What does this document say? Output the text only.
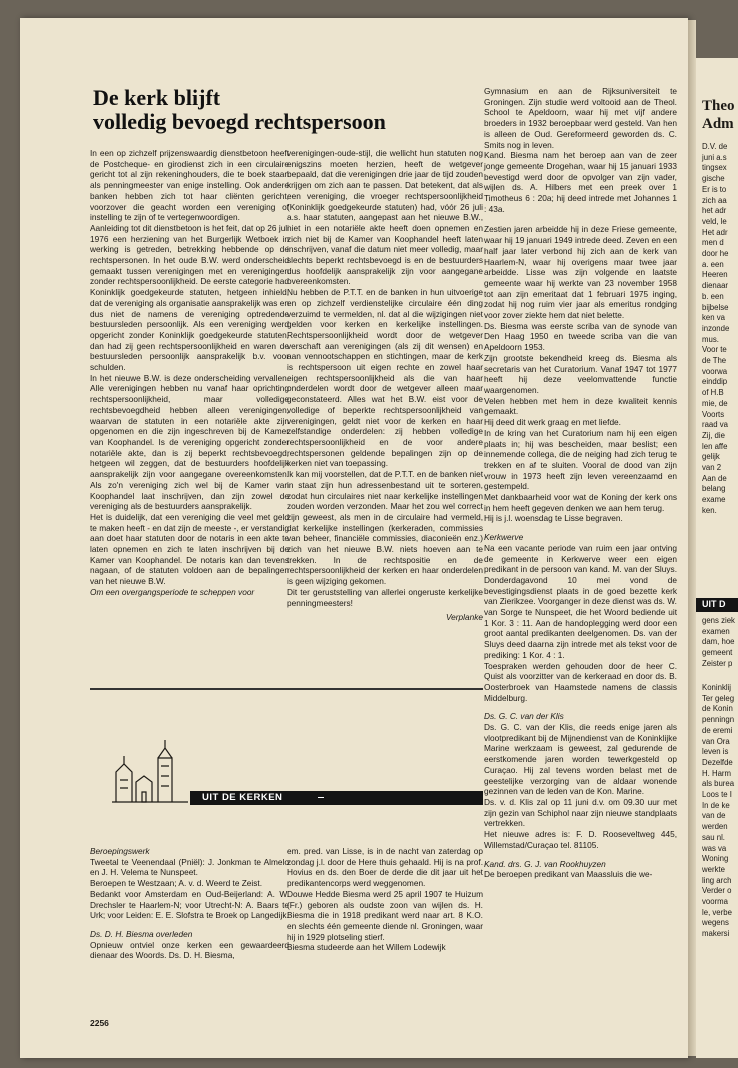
De kerk blijft
volledig bevoegd rechtspersoon

In een op zichzelf prijzenswaardig dienstbetoon heeft de Postcheque- en girodienst zich in een circulaire gericht tot al zijn rekeninghouders, die te boek staan als penningmeester van enige instelling. Ook andere banken hebben zich tot haar cliënten gericht, voorzover die geacht worden een vereniging of instelling te zijn of te vertegenwoordigen.

Aanleiding tot dit dienstbetoon is het feit, dat op 26 juli 1976 een herziening van het Burgerlijk Wetboek in werking is getreden, betrekking hebbende op de rechtspersonen. In het oude B.W. werd onderscheid gemaakt tussen verenigingen met en verenigingen zonder rechtspersoonlijkheid. De eerste categorie had Koninklijk goedgekeurde statuten, hetgeen inhield, dat de vereniging als organisatie aansprakelijk was en dus niet de namens de vereniging optredende bestuursleden persoonlijk. Als een vereniging werd opgericht zonder Koninklijk goedgekeurde statuten, dan had zij geen rechtspersoonlijkheid en waren de bestuursleden persoonlijk aansprakelijk b.v. voor schulden.

In het nieuwe B.W. is deze onderscheiding vervallen. Alle verenigingen hebben nu vanaf haar oprichting rechtspersoonlijkheid, maar volledige rechtsbevoegdheid hebben alleen verenigingen, waarvan de statuten in een notariële akte zijn opgenomen en die zijn ingeschreven bij de Kamer van Koophandel. Is de vereniging opgericht zonder notariële akte, dan is zij beperkt rechtsbevoegd, hetgeen wil zeggen, dat de bestuurders hoofdelijk aansprakelijk zijn voor aangegane overeenkomsten. Als zo'n vereniging zich wel bij de Kamer van Koophandel laat inschrijven, dan zijn zowel de vereniging als de bestuurders aansprakelijk.

Het is duidelijk, dat een vereniging die veel met geld te maken heeft - en dat zijn de meeste -, er verstandig aan doet haar statuten door de notaris in een akte te laten opnemen en zich te laten inschrijven bij de Kamer van Koophandel. De notaris kan dan tevens nagaan, of de statuten voldoen aan de bepalingen van het nieuwe B.W.

Om een overgangsperiode te scheppen voor

verenigingen-oude-stijl, die wellicht hun statuten nog enigszins moeten herzien, heeft de wetgever bepaald, dat die verenigingen drie jaar de tijd zouden krijgen om zich aan te passen. Dat betekent, dat als een vereniging, die vroeger rechtspersoonlijkheid (Koninklijk goedgekeurde statuten) had, vóór 26 juli a.s. haar statuten, aangepast aan het nieuwe B.W., niet in een notariële akte heeft doen opnemen en zich niet bij de Kamer van Koophandel heeft laten inschrijven, vanaf die datum niet meer volledig, maar slechts beperkt rechtsbevoegd is en de bestuurders dus hoofdelijk aansprakelijk zijn voor aangegane overeenkomsten.

Nu hebben de P.T.T. en de banken in hun uitvoerige en op zichzelf verdienstelijke circulaire één ding verzuimd te vermelden, nl. dat al die wijzigingen niet gelden voor kerken en kerkelijke instellingen. Rechtspersoonlijkheid wordt door de wetgever verschaft aan verenigingen (als zij dit wensen) en aan vennootschappen en stichtingen, maar de kerk is rechtspersoon uit eigen rechte en zowel haar eigen rechtspersoonlijkheid als die van haar onderdelen wordt door de wetgever alleen maar geconstateerd. Alles wat het B.W. eist voor de volledige of beperkte rechtspersoonlijkheid van verenigingen, geldt niet voor de kerken en haar zelfstandige onderdelen: zij hebben volledige rechtspersoonlijkheid en de voor andere rechtspersonen geldende bepalingen zijn op de kerken niet van toepassing.

Ik kan mij voorstellen, dat de P.T.T. en de banken niet in staat zijn hun adressenbestand uit te sorteren, zodat hun circulaires niet naar kerkelijke instellingen zouden worden verzonden. Maar het zou wel correct zijn geweest, als men in de circulaire had vermeld, dat kerkelijke instellingen (kerkeraden, commissies van beheer, financiële commissies, diaconieën enz.) zich van het nieuwe B.W. niets hoeven aan te trekken. In de rechtspositie en de rechtspersoonlijkheid der kerken en haar onderdelen is geen wijziging gekomen.

Dit ter geruststelling van allerlei ongeruste kerkelijke penningmeesters!

Verplanke

Gymnasium en aan de Rijksuniversiteit te Groningen. Zijn studie werd voltooid aan de Theol. School te Apeldoorn, waar hij met vijf andere broeders in 1932 beroepbaar werd gesteld. Van hen is alleen de Oud. Gereformeerd geworden ds. C. Smits nog in leven.

Kand. Biesma nam het beroep aan van de zeer jonge gemeente Drogehan, waar hij 15 januari 1933 bevestigd werd door de opvolger van zijn vader, wijlen ds. A. Hilbers met een preek over 1 Timotheus 6 : 20a; hij deed intrede met Johannes 1 : 43a.

Zestien jaren arbeidde hij in deze Friese gemeente, waar hij 19 januari 1949 intrede deed. Zeven en een half jaar later verbond hij zich aan de kerk van Haarlem-N, waar hij overigens maar twee jaar arbeidde. Lisse was zijn volgende en laatste gemeente waar hij werkte van 23 november 1958 tot aan zijn emeritaat dat 1 februari 1975 inging, zodat hij nog ruim vier jaar als emeritus rondging voor zover ziekte hem dat niet belette.

Ds. Biesma was eerste scriba van de synode van Den Haag 1950 en tweede scriba van die van Apeldoorn 1953.

Zijn grootste bekendheid kreeg ds. Biesma als secretaris van het Curatorium. Vanaf 1947 tot 1977 heeft hij deze veelomvattende functie waargenomen.

Velen hebben met hem in deze kwaliteit kennis gemaakt.

Hij deed dit werk graag en met liefde.

In de kring van het Curatorium nam hij een eigen plaats in; hij was bescheiden, maar beslist; een innemende collega, die de neiging had zich terug te trekken en af te sluiten. Vooral de dood van zijn vrouw in 1973 heeft zijn leven vereenzaamd en gestempeld.

Met dankbaarheid voor wat de Koning der kerk ons in hem heeft gegeven denken we aan hem terug.

Hij is j.l. woensdag te Lisse begraven.

Kerkwerve

Na een vacante periode van ruim een jaar ontving de gemeente in Kerkwerve weer een eigen predikant in de persoon van kand. M. van der Sluys. Donderdagavond 10 mei vond de bevestigingsdienst plaats in de goed bezette kerk van Zierikzee. Voorganger in deze dienst was ds. W. van Sorge te Nunspeet, die het Woord bediende uit 1 Kor. 3 : 11. Aan de handoplegging werd door een groot aantal predikanten deelgenomen. Ds. van der Sluys deed daarna zijn intrede met als tekst voor de prediking: 1 Kor. 4 : 1.

Toespraken werden gehouden door de heer C. Quist als voorzitter van de kerkeraad en door ds. B. Oosterbroek van Haamstede namens de classis Middelburg.

Ds. G. C. van der Klis

Ds. G. C. van der Klis, die reeds enige jaren als vlootpredikant bij de Mijnendienst van de Koninklijke Marine werkzaam is geweest, zal gedurende de eerstkomende jaren worden tewerkgesteld op Curaçao. Hij zal tevens worden belast met de geestelijke verzorging van de aldaar wonende gezinnen van de leden van de Kon. Marine.

Ds. v. d. Klis zal op 11 juni d.v. om 09.30 uur met zijn gezin van Schiphol naar zijn nieuwe standplaats vertrekken.

Het nieuwe adres is: F. D. Rooseveltweg 445, Willemstad/Curaçao tel. 81105.

Kand. drs. G. J. van Rookhuyzen

De beroepen predikant van Maassluis die we-

UIT DE KERKEN

Beroepingswerk

Tweetal te Veenendaal (Pniël): J. Jonkman te Almelo en J. H. Velema te Nunspeet.

Beroepen te Westzaan; A. v. d. Weerd te Zeist.

Bedankt voor Amsterdam en Oud-Beijerland: A. W. Drechsler te Haarlem-N; voor Utrecht-N: A. Baars te Urk; voor Leiden: E. E. Slofstra te Broek op Langedijk.

Ds. D. H. Biesma overleden

Opnieuw ontviel onze kerken een gewaardeerd dienaar des Woords. Ds. D. H. Biesma,

em. pred. van Lisse, is in de nacht van zaterdag op zondag j.l. door de Here thuis gehaald. Hij is na prof. Hovius en ds. den Boer de derde die dit jaar uit het predikantencorps werd weggenomen.

Douwe Hedde Biesma werd 25 april 1907 te Huizum (Fr.) geboren als oudste zoon van wijlen ds. H. Biesma die in 1918 predikant werd naar art. 8 K.O. en slechts één gemeente diende nl. Groningen, waar hij in 1929 plotseling stierf.

Biesma studeerde aan het Willem Lodewijk

2256
Theo
Adm
D.V. de
juni a.s
tingsex
gische
Er is to
zich aa
het adr
veld, le
Het adr
men d
door he
a. een
Heeren
dienaar
b. een
bijbelse
ken va
inzonde
mus.
Voor te
de The
voorwa
einddip
of H.B
mie, de
Voorts
raad va
Zij, die
len affe
gelijk
van 2
Aan de
belang
exame
ken.
UIT D
gens ziek
examen
dam, hoe
gemeent
Zeister p
Koninklij
Ter geleg
de Konin
penningn
de eremi
van Ora
leven is
Dezelfde
H. Harm
als burea
Loos te I
In de ke
van de
werden
sau nl.
was va
Woning
werkte
ling arch
Verder o
voorma
le, verbe
wegens
makersi
